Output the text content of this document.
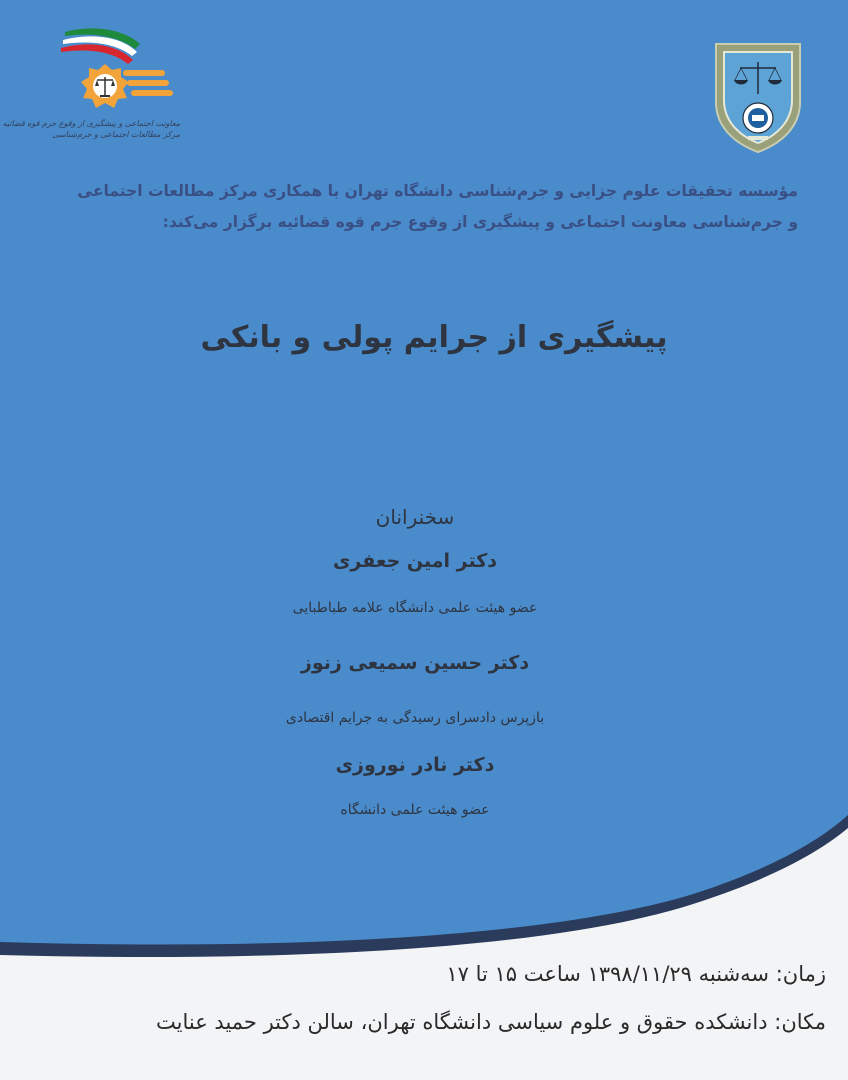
معاونت اجتماعی و پیشگیری از وقوع جرم قوه قضائیه
مرکز مطالعات اجتماعی و جرم‌شناسی
مؤسسه تحقیقات علوم جزایی و جرم‌شناسی دانشگاه تهران با همکاری مرکز مطالعات اجتماعی
و جرم‌شناسی معاونت اجتماعی و پیشگیری از وقوع جرم قوه قضائیه برگزار می‌کند:
پیشگیری از جرایم پولی و بانکی
سخنرانان
دکتر امین جعفری
عضو هیئت علمی دانشگاه علامه طباطبایی
دکتر حسین سمیعی زنوز
بازپرس دادسرای رسیدگی به جرایم اقتصادی
دکتر نادر نوروزی
عضو هیئت علمی دانشگاه
زمان: سه‌شنبه ۱۳۹۸/۱۱/۲۹ ساعت ۱۵ تا ۱۷
مکان: دانشکده حقوق و علوم سیاسی دانشگاه تهران، سالن دکتر حمید عنایت
